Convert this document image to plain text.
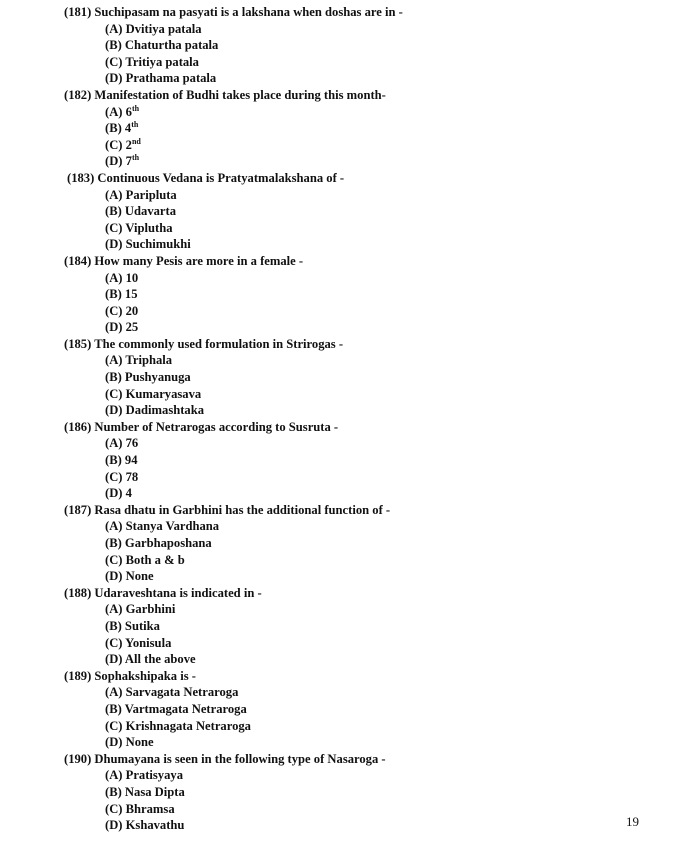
(181) Suchipasam na pasyati is a lakshana when doshas are in -

(A) Dvitiya patala

(B) Chaturtha patala

(C) Tritiya patala

(D) Prathama patala

(182) Manifestation of Budhi takes place during this month-

(A) 6th

(B) 4th

(C) 2nd

(D) 7th

(183) Continuous Vedana is Pratyatmalakshana of -

(A) Paripluta

(B) Udavarta

(C) Viplutha

(D) Suchimukhi

(184) How many Pesis are more in a female -

(A) 10

(B) 15

(C) 20

(D) 25

(185) The commonly used formulation in Strirogas -

(A) Triphala

(B) Pushyanuga

(C) Kumaryasava

(D) Dadimashtaka

(186) Number of Netrarogas according to Susruta -

(A) 76

(B) 94

(C) 78

(D) 4

(187) Rasa dhatu in Garbhini has the additional function of -

(A) Stanya Vardhana

(B) Garbhaposhana

(C) Both a & b

(D) None

(188) Udaraveshtana is indicated in -

(A) Garbhini

(B) Sutika

(C) Yonisula

(D) All the above

(189) Sophakshipaka is -

(A) Sarvagata Netraroga

(B) Vartmagata Netraroga

(C) Krishnagata Netraroga

(D) None

(190) Dhumayana is seen in the following type of Nasaroga -

(A) Pratisyaya

(B) Nasa Dipta

(C) Bhramsa

(D) Kshavathu	19
